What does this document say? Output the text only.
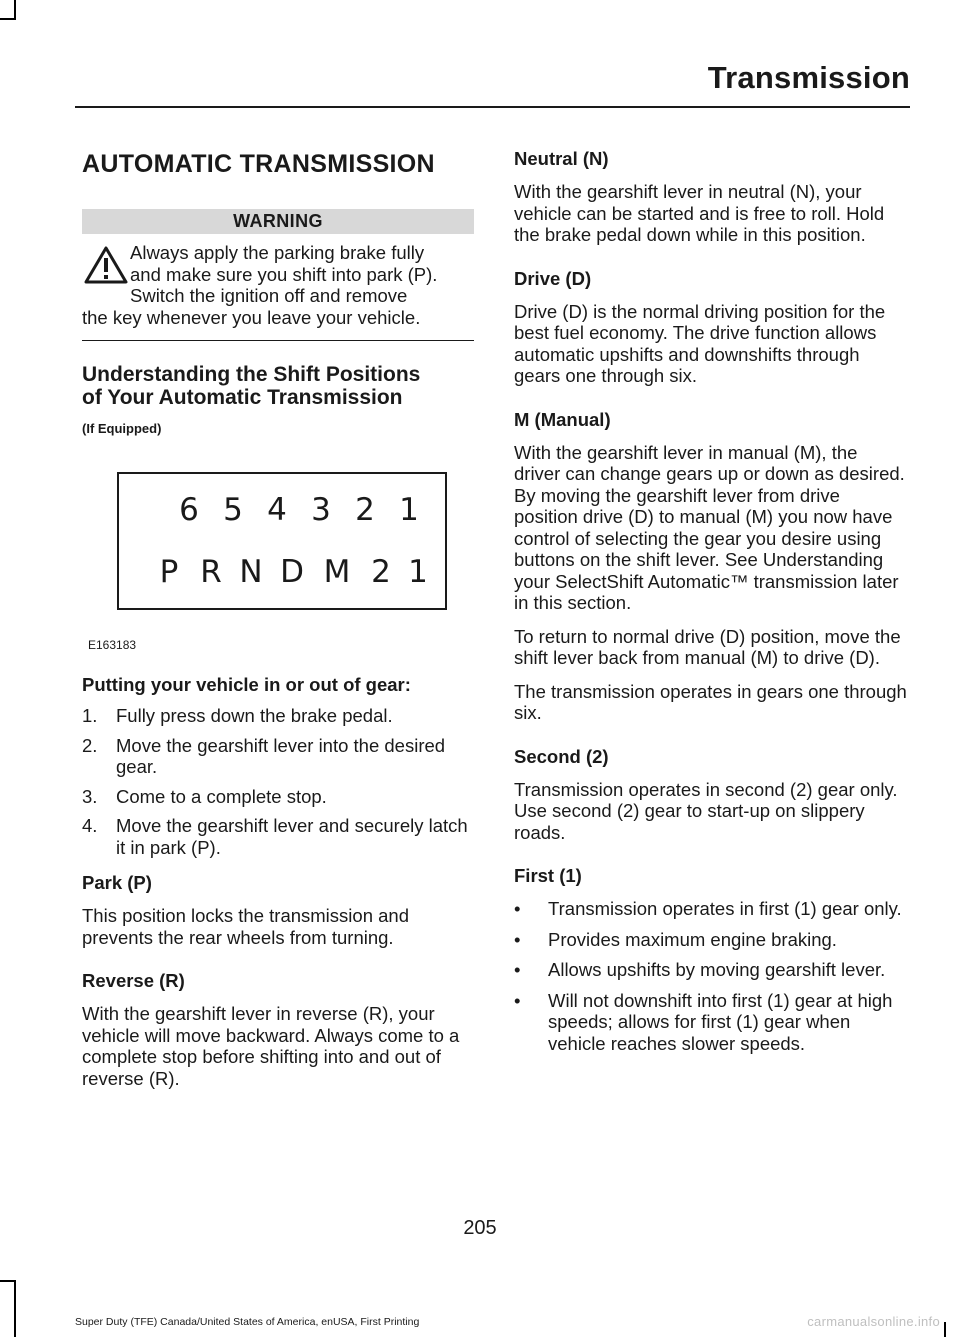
Transmission
AUTOMATIC TRANSMISSION
WARNING
Always apply the parking brake fully
and make sure you shift into park (P).
Switch the ignition off and remove
the key whenever you leave your vehicle.
Understanding the Shift Positions
of Your Automatic Transmission
(If Equipped)
6 5 4 3 2 1
P R N D M 2 1
E163183
Putting your vehicle in or out of gear:
1. Fully press down the brake pedal.
2. Move the gearshift lever into the desired gear.
3. Come to a complete stop.
4. Move the gearshift lever and securely latch it in park (P).
Park (P)

This position locks the transmission and prevents the rear wheels from turning.

Reverse (R)

With the gearshift lever in reverse (R), your vehicle will move backward. Always come to a complete stop before shifting into and out of reverse (R).

Neutral (N)

With the gearshift lever in neutral (N), your vehicle can be started and is free to roll. Hold the brake pedal down while in this position.

Drive (D)

Drive (D) is the normal driving position for the best fuel economy. The drive function allows automatic upshifts and downshifts through gears one through six.

M (Manual)

With the gearshift lever in manual (M), the driver can change gears up or down as desired. By moving the gearshift lever from drive position drive (D) to manual (M) you now have control of selecting the gear you desire using buttons on the shift lever. See Understanding your SelectShift Automatic™ transmission later in this section.

To return to normal drive (D) position, move the shift lever back from manual (M) to drive (D).

The transmission operates in gears one through six.

Second (2)

Transmission operates in second (2) gear only. Use second (2) gear to start-up on slippery roads.

First (1)
• Transmission operates in first (1) gear only.
• Provides maximum engine braking.
• Allows upshifts by moving gearshift lever.
• Will not downshift into first (1) gear at high speeds; allows for first (1) gear when vehicle reaches slower speeds.
205
Super Duty (TFE) Canada/United States of America, enUSA, First Printing	carmanualsonline.info
